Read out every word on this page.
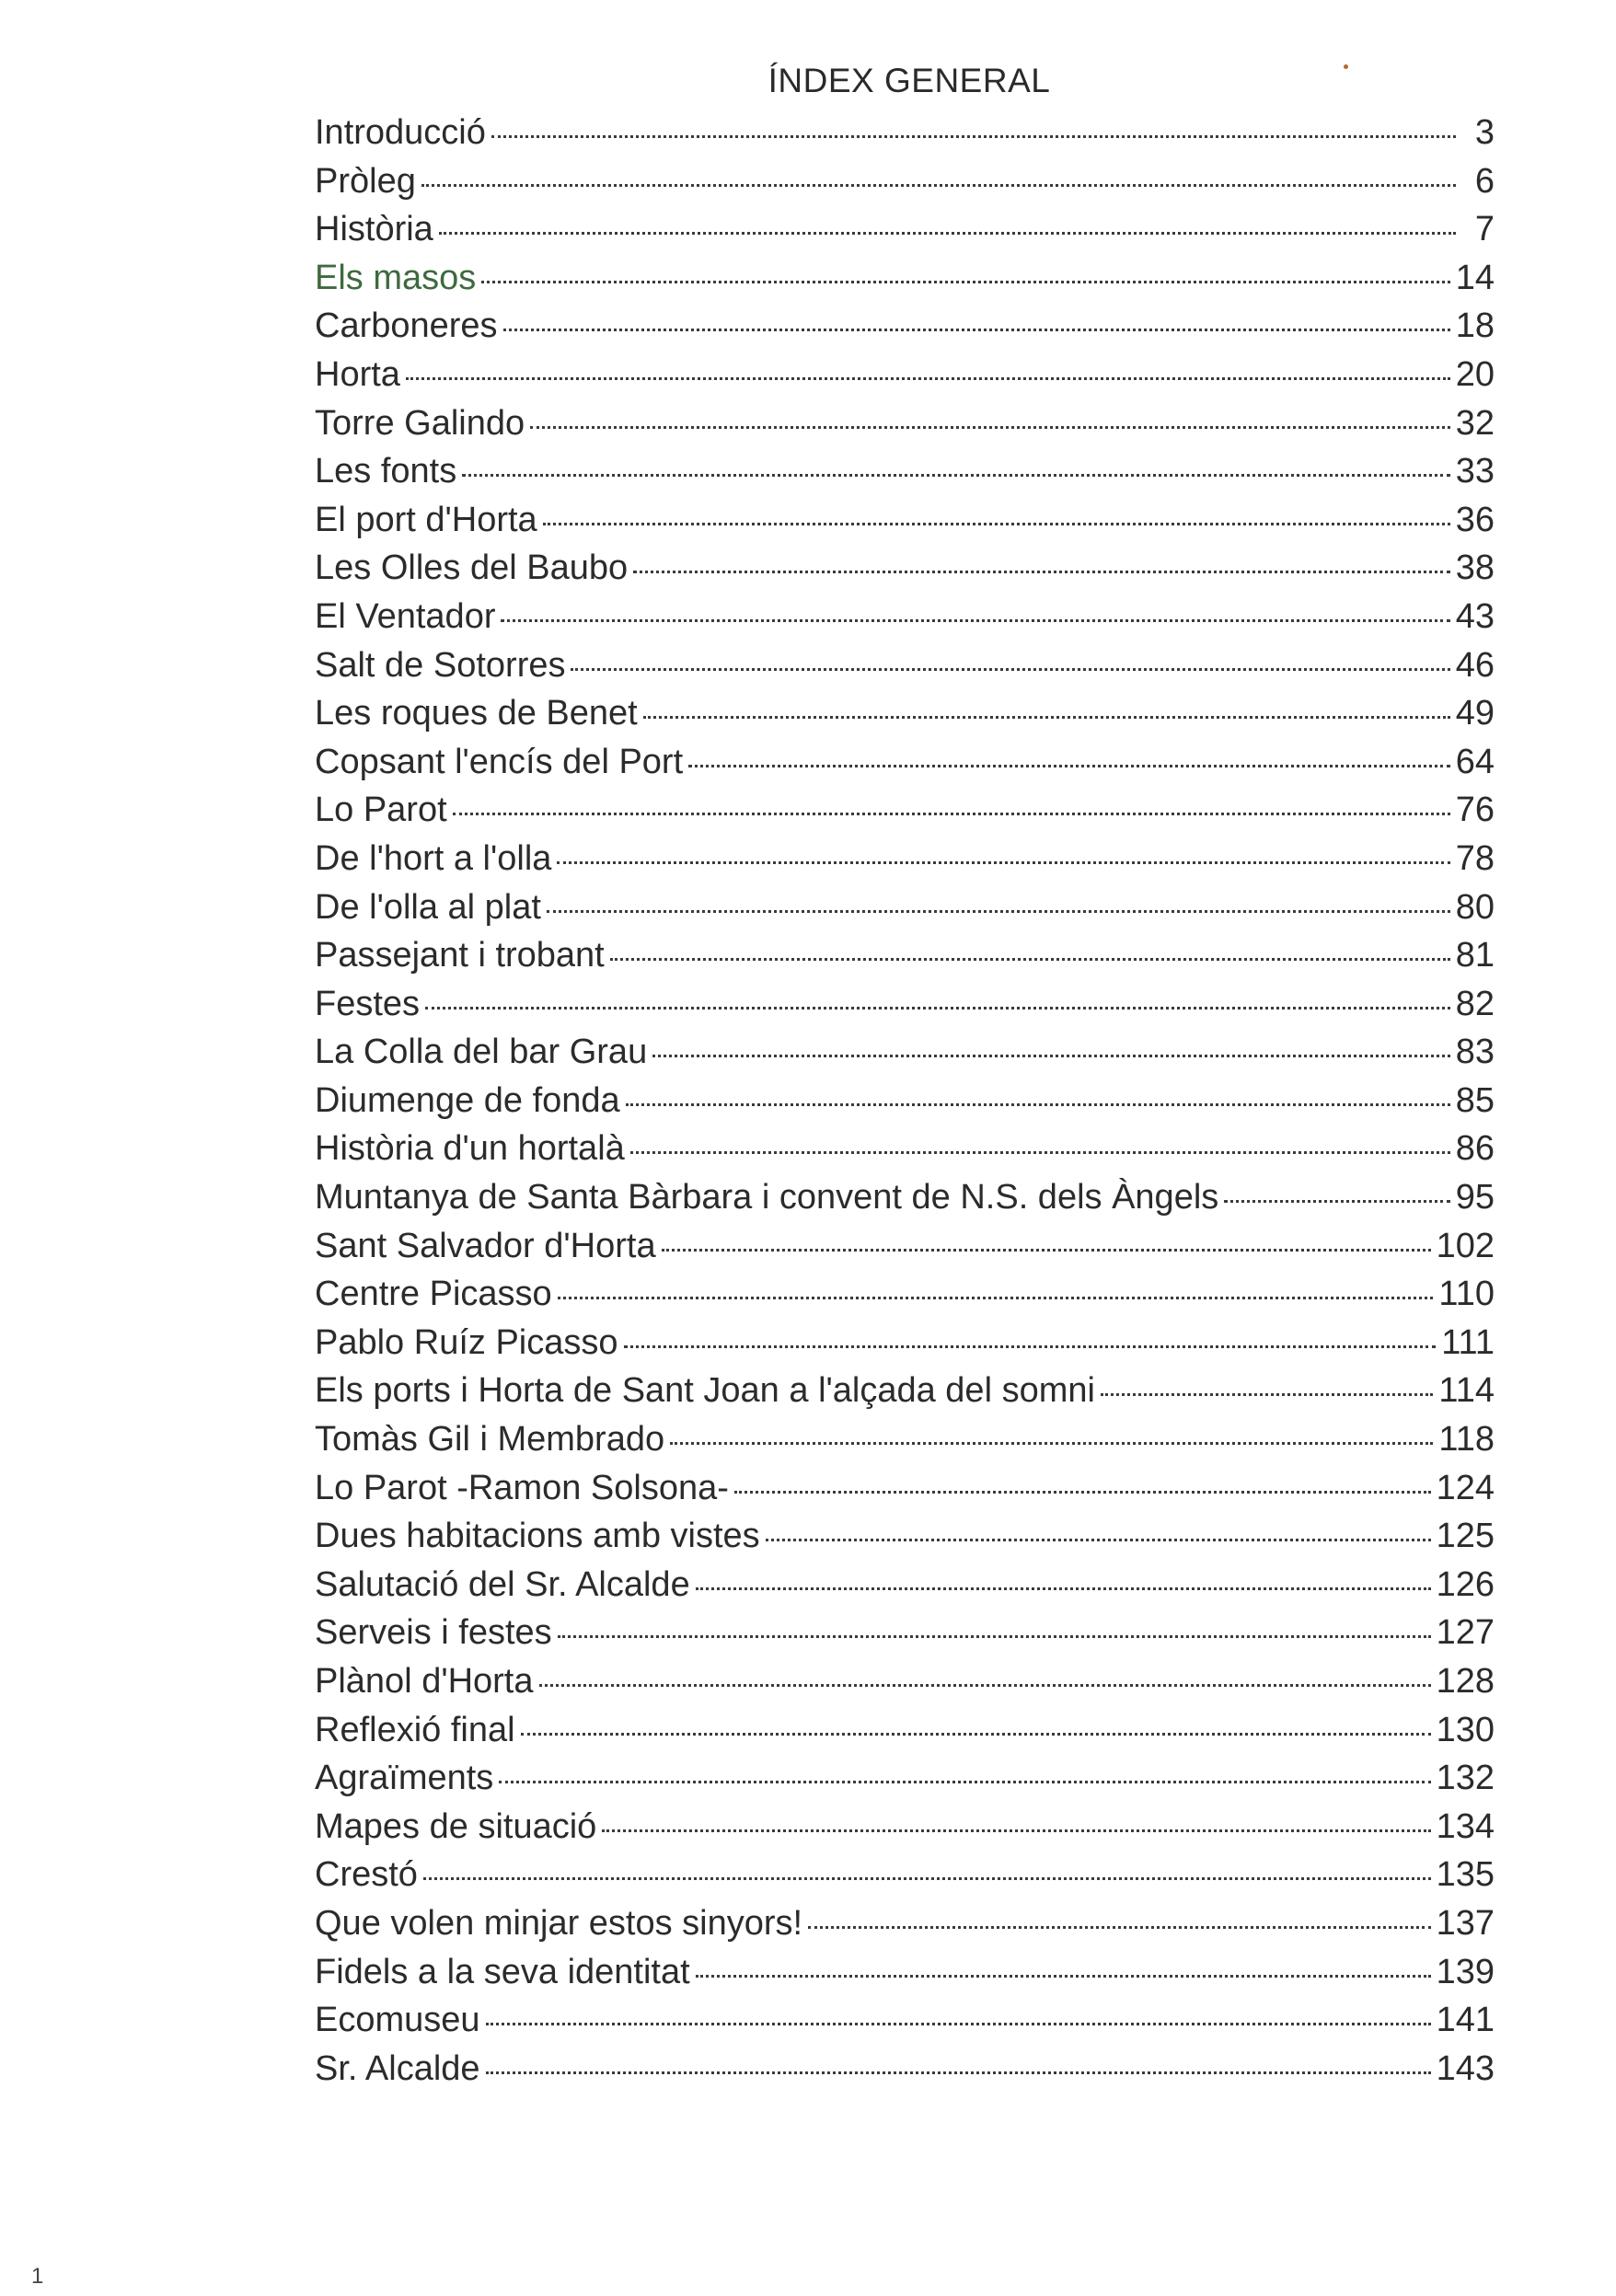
ÍNDEX GENERAL
Introducció	3
Pròleg	6
Història	7
Els masos	14
Carboneres	18
Horta	20
Torre Galindo	32
Les fonts	33
El port d'Horta	36
Les Olles del Baubo	38
El Ventador	43
Salt de Sotorres	46
Les roques de Benet	49
Copsant l'encís del Port	64
Lo Parot	76
De l'hort a l'olla	78
De l'olla al plat	80
Passejant i trobant	81
Festes	82
La Colla del bar Grau	83
Diumenge de fonda	85
Història d'un hortalà	86
Muntanya de Santa Bàrbara i convent de N.S. dels Àngels	95
Sant Salvador d'Horta	102
Centre Picasso	110
Pablo Ruíz Picasso	111
Els ports i Horta de Sant Joan a l'alçada del somni	114
Tomàs Gil i Membrado	118
Lo Parot -Ramon Solsona-	124
Dues habitacions amb vistes	125
Salutació del Sr. Alcalde	126
Serveis i festes	127
Plànol d'Horta	128
Reflexió final	130
Agraïments	132
Mapes de situació	134
Crestó	135
Que volen minjar estos sinyors!	137
Fidels a la seva identitat	139
Ecomuseu	141
Sr. Alcalde	143
1
